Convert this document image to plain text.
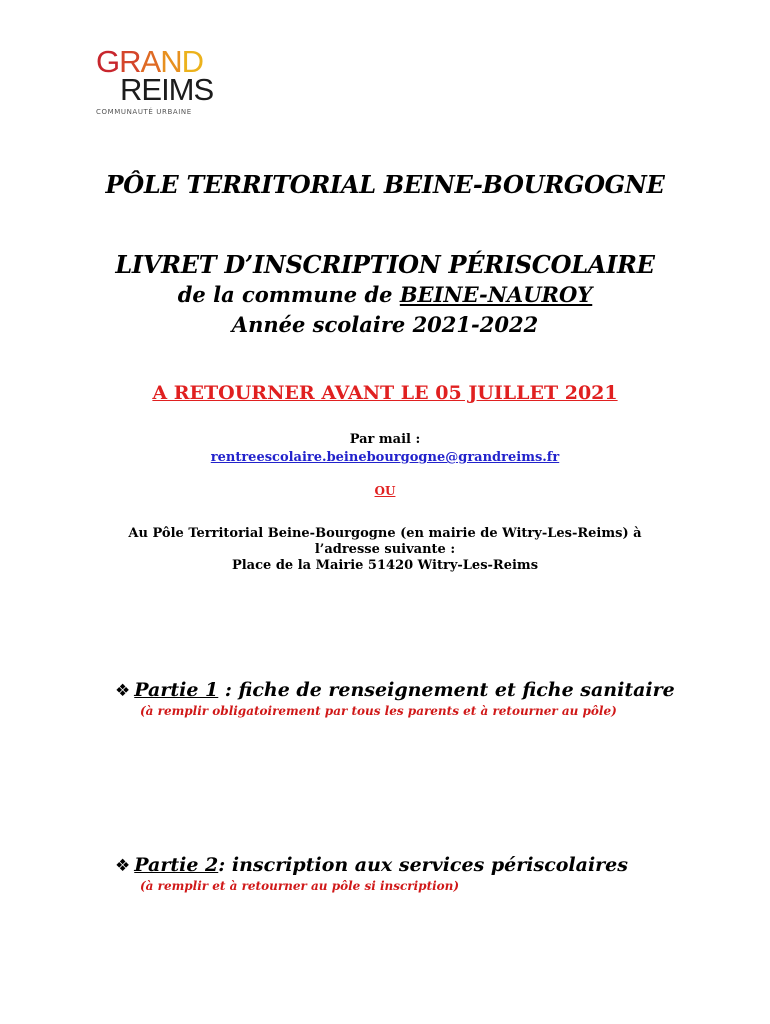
GRAND
REIMS
COMMUNAUTÉ URBAINE
PÔLE TERRITORIAL BEINE-BOURGOGNE
LIVRET D’INSCRIPTION PÉRISCOLAIRE
de la commune de BEINE-NAUROY
Année scolaire 2021-2022
A RETOURNER AVANT LE 05 JUILLET 2021
Par mail :
rentreescolaire.beinebourgogne@grandreims.fr
OU
Au Pôle Territorial Beine-Bourgogne (en mairie de Witry-Les-Reims) à
l’adresse suivante :
Place de la Mairie 51420 Witry-Les-Reims
❖ Partie 1 : fiche de renseignement et fiche sanitaire
(à remplir obligatoirement par tous les parents et à retourner au pôle)
❖ Partie 2: inscription aux services périscolaires
(à remplir et à retourner au pôle si inscription)
